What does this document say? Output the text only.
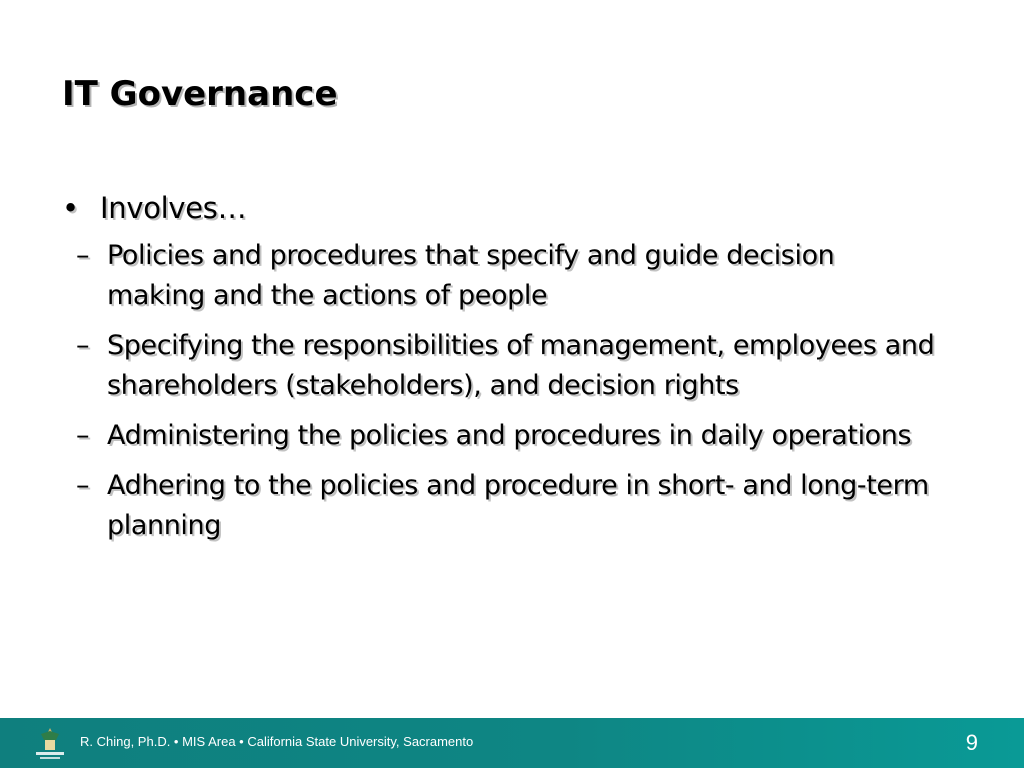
IT Governance
• Involves…
– Policies and procedures that specify and guide decision making and the actions of people
– Specifying the responsibilities of management, employees and shareholders (stakeholders), and decision rights
– Administering the policies and procedures in daily operations
– Adhering to the policies and procedure in short- and long-term planning
R. Ching, Ph.D. • MIS Area • California State University, Sacramento	9
